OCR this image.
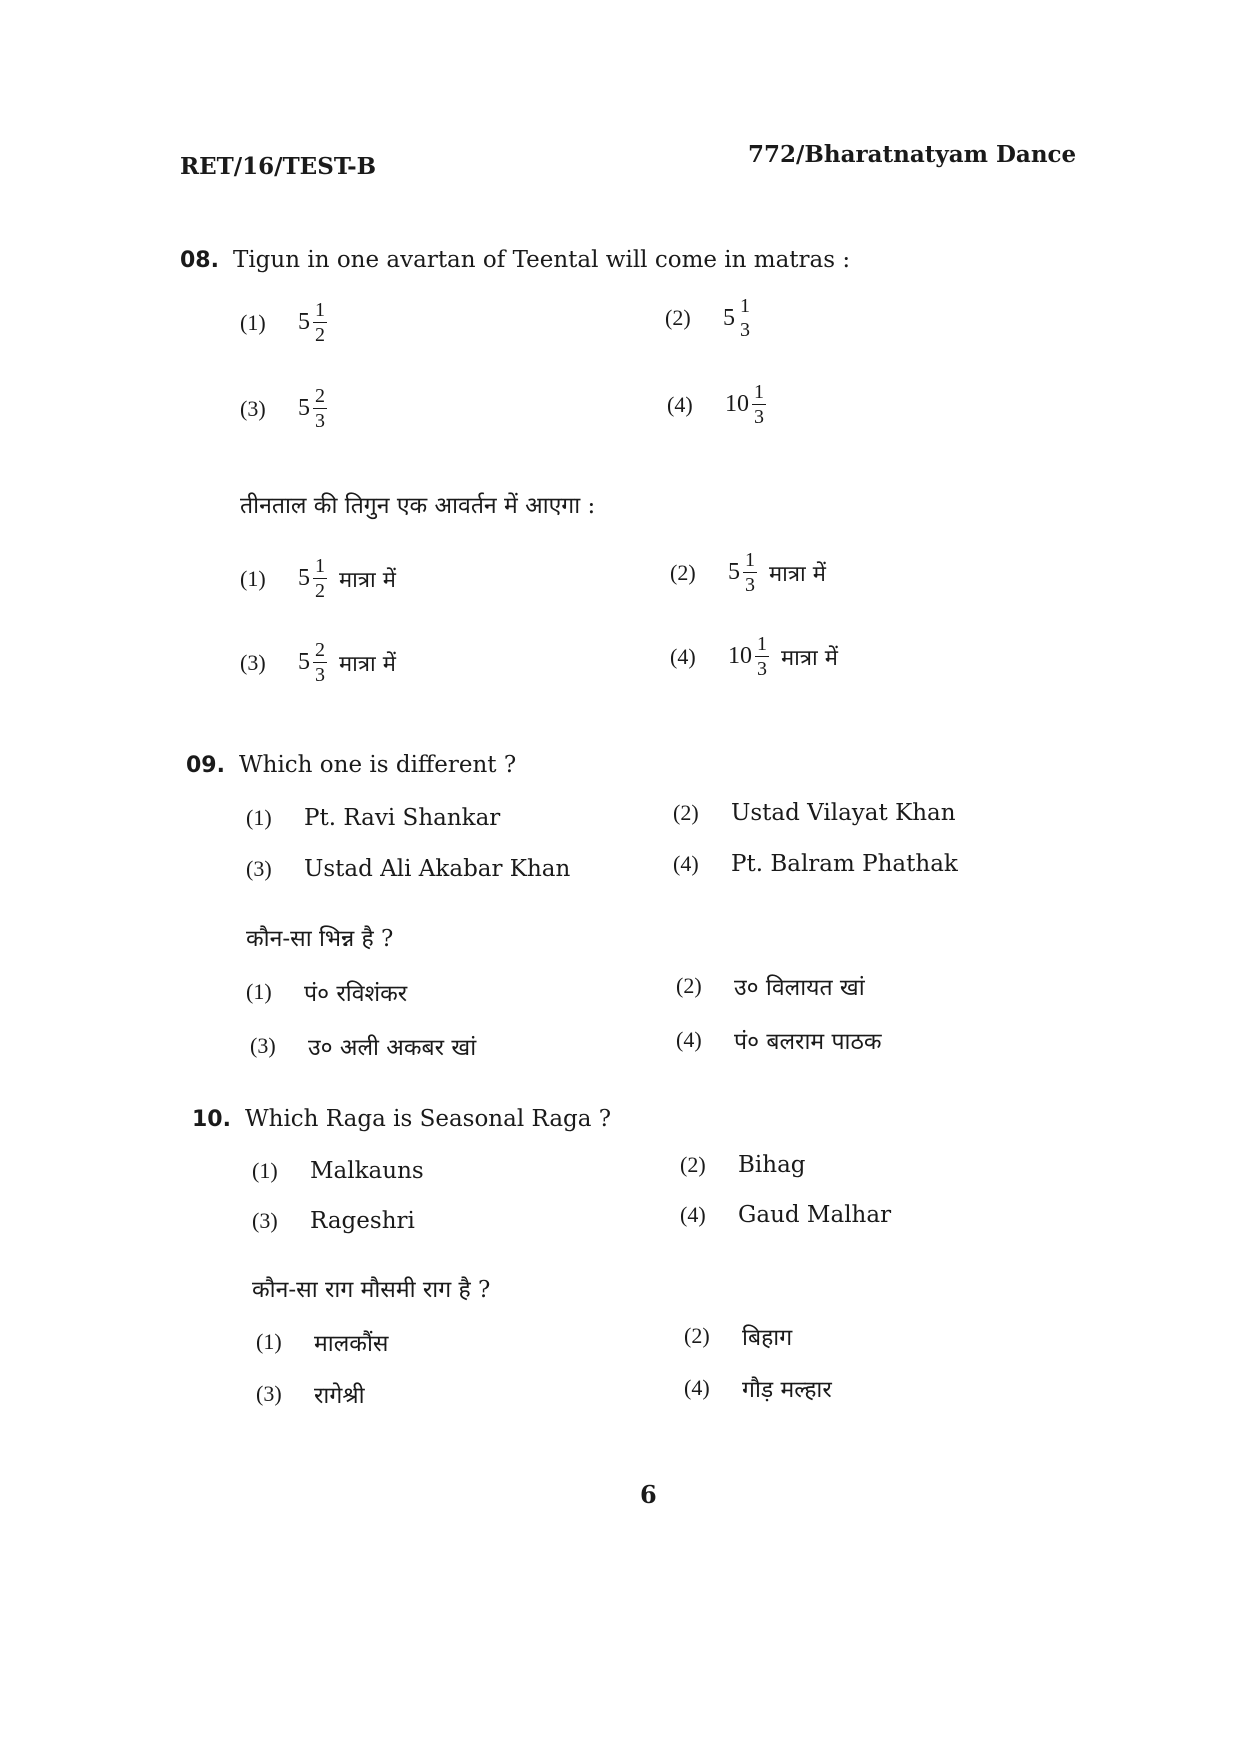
RET/16/TEST-B	772/Bharatnatyam Dance
08. Tigun in one avartan of Teental will come in matras :
(1)	5 1
2
(2)	5 1
3
(3)	5 2
3
(4)	10 1
3
तीनताल की तिगुन एक आवर्तन में आएगा :
(1)	5 1
2 मात्रा में	(2)	5 1
3 मात्रा में
(3)	5 2
3 मात्रा में	(4)	10 1
3 मात्रा में
09. Which one is different ?
(1)	Pt. Ravi Shankar	(2)	Ustad Vilayat Khan
(3)	Ustad Ali Akabar Khan	(4)	Pt. Balram Phathak
कौन-सा भिन्न है ?
(1)	पं० रविशंकर	(2)	उ० विलायत खां
(3)	उ० अली अकबर खां	(4)	पं० बलराम पाठक
10. Which Raga is Seasonal Raga ?
(1)	Malkauns	(2)	Bihag
(3)	Rageshri	(4)	Gaud Malhar
कौन-सा राग मौसमी राग है ?
(1)	मालकौंस	(2)	बिहाग
(3)	रागेश्री	(4)	गौड़ मल्हार
6
